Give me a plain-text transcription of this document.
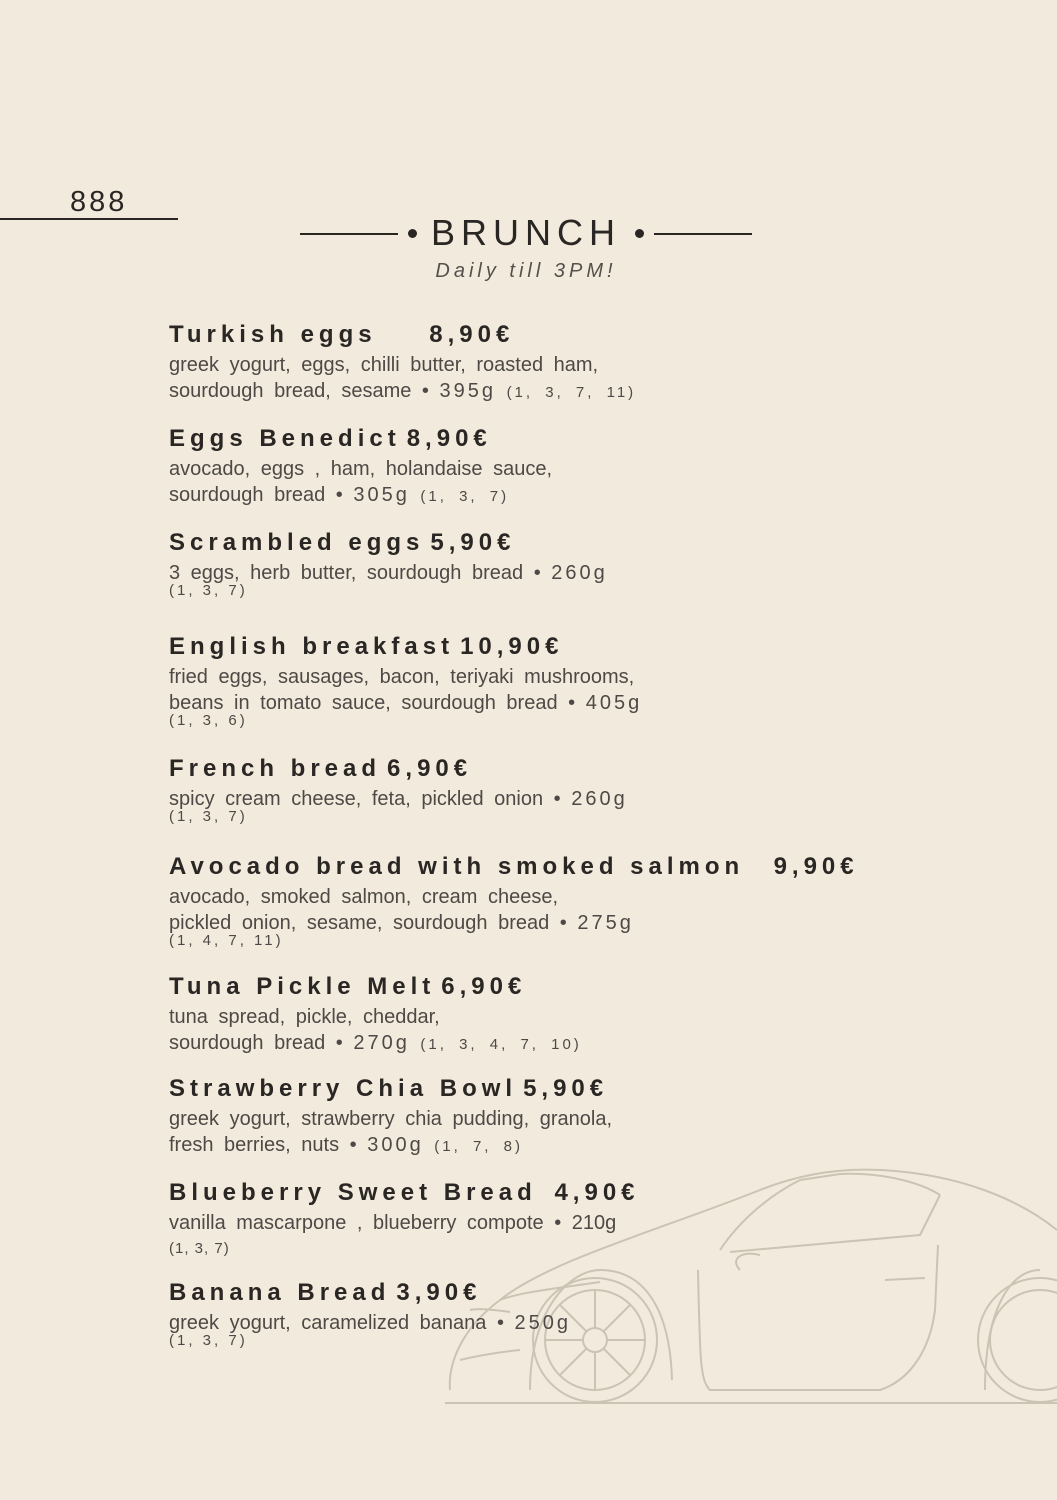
888
BRUNCH
Daily till 3PM!
Turkish eggs 8,90€
greek yogurt, eggs, chilli butter, roasted ham,
sourdough bread, sesame • 395g (1, 3, 7, 11)
Eggs Benedict 8,90€
avocado, eggs , ham, holandaise sauce,
sourdough bread • 305g (1, 3, 7)
Scrambled eggs 5,90€
3 eggs, herb butter, sourdough bread • 260g
(1, 3, 7)
English breakfast 10,90€
fried eggs, sausages, bacon, teriyaki mushrooms,
beans in tomato sauce, sourdough bread • 405g
(1, 3, 6)
French bread 6,90€
spicy cream cheese, feta, pickled onion • 260g
(1, 3, 7)
Avocado bread with smoked salmon 9,90€
avocado, smoked salmon, cream cheese,
pickled onion, sesame, sourdough bread • 275g
(1, 4, 7, 11)
Tuna Pickle Melt 6,90€
tuna spread, pickle, cheddar,
sourdough bread • 270g (1, 3, 4, 7, 10)
Strawberry Chia Bowl 5,90€
greek yogurt, strawberry chia pudding, granola,
fresh berries, nuts • 300g (1, 7, 8)
Blueberry Sweet Bread 4,90€
vanilla mascarpone , blueberry compote • 210g
(1, 3, 7)
Banana Bread 3,90€
greek yogurt, caramelized banana • 250g
(1, 3, 7)
